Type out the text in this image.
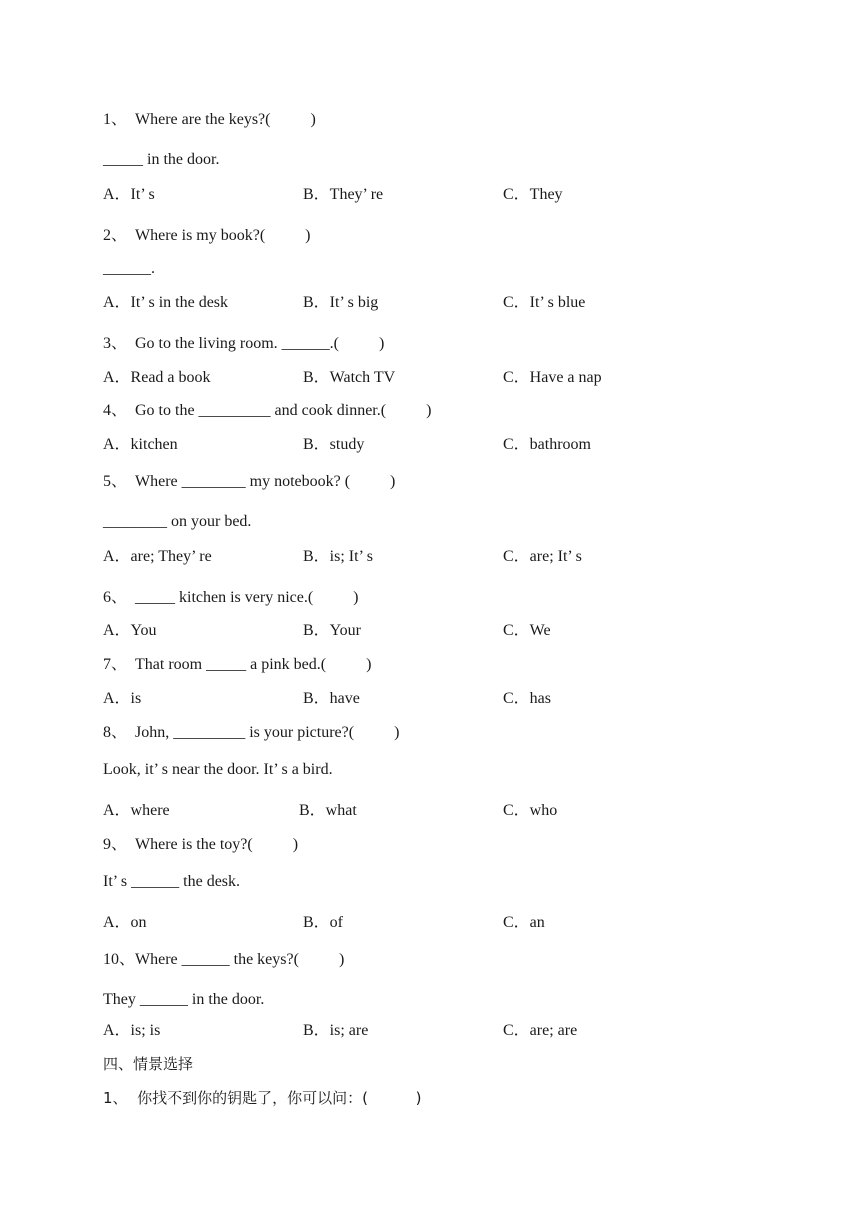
1、  Where are the keys?(          )
_____ in the door.
A．It’ s	B．They’ re	C．They
2、  Where is my book?(          )
______.
A．It’ s in the desk	B．It’ s big	C．It’ s blue
3、  Go to the living room. ______.(          )
A．Read a book	B．Watch TV	C．Have a nap
4、  Go to the _________ and cook dinner.(          )
A．kitchen	B．study	C．bathroom
5、  Where ________ my notebook? (          )
________ on your bed.
A．are; They’ re	B．is; It’ s	C．are; It’ s
6、  _____ kitchen is very nice.(          )
A．You	B．Your	C．We
7、  That room _____ a pink bed.(          )
A．is	B．have	C．has
8、  John, _________ is your picture?(          )
Look, it’ s near the door. It’ s a bird.
A．where	B．what	C．who
9、  Where is the toy?(          )
It’ s ______ the desk.
A．on	B．of	C．an
10、Where ______ the keys?(          )
They ______ in the door.
A．is; is	B．is; are	C．are; are
四、情景选择
1、  你找不到你的钥匙了，你可以问：(          )
